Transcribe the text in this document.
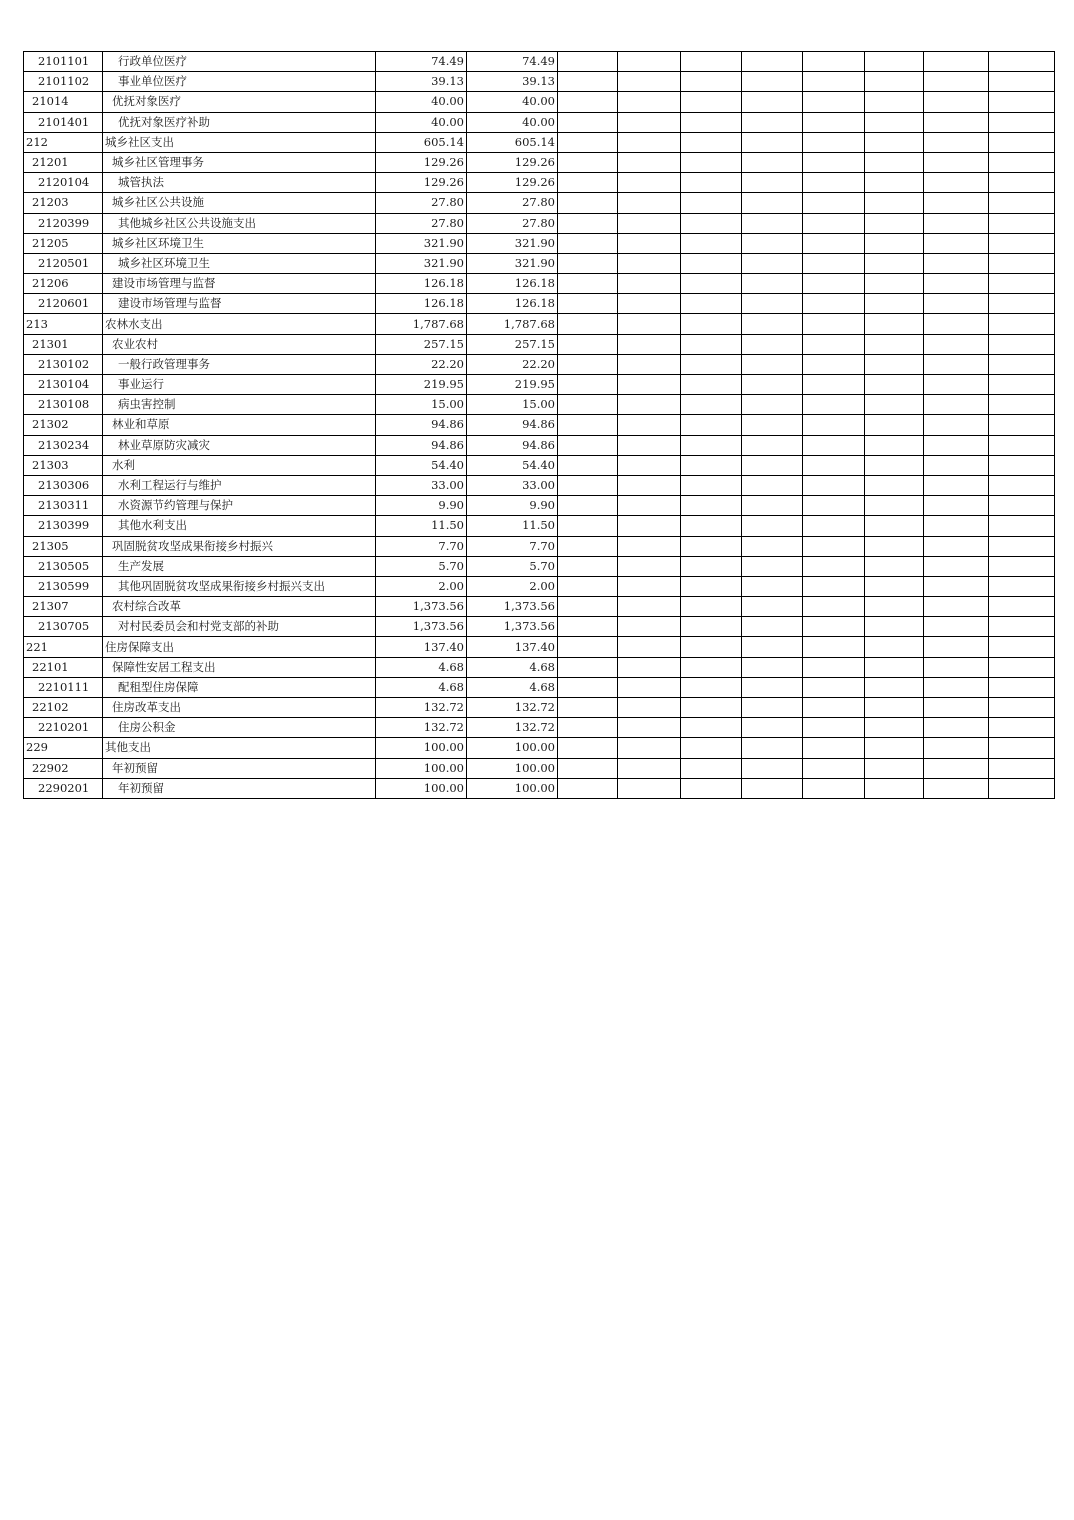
2101101	行政单位医疗	74.49	74.49								
2101102	事业单位医疗	39.13	39.13								
21014	优抚对象医疗	40.00	40.00								
2101401	优抚对象医疗补助	40.00	40.00								
212	城乡社区支出	605.14	605.14								
21201	城乡社区管理事务	129.26	129.26								
2120104	城管执法	129.26	129.26								
21203	城乡社区公共设施	27.80	27.80								
2120399	其他城乡社区公共设施支出	27.80	27.80								
21205	城乡社区环境卫生	321.90	321.90								
2120501	城乡社区环境卫生	321.90	321.90								
21206	建设市场管理与监督	126.18	126.18								
2120601	建设市场管理与监督	126.18	126.18								
213	农林水支出	1,787.68	1,787.68								
21301	农业农村	257.15	257.15								
2130102	一般行政管理事务	22.20	22.20								
2130104	事业运行	219.95	219.95								
2130108	病虫害控制	15.00	15.00								
21302	林业和草原	94.86	94.86								
2130234	林业草原防灾减灾	94.86	94.86								
21303	水利	54.40	54.40								
2130306	水利工程运行与维护	33.00	33.00								
2130311	水资源节约管理与保护	9.90	9.90								
2130399	其他水利支出	11.50	11.50								
21305	巩固脱贫攻坚成果衔接乡村振兴	7.70	7.70								
2130505	生产发展	5.70	5.70								
2130599	其他巩固脱贫攻坚成果衔接乡村振兴支出	2.00	2.00								
21307	农村综合改革	1,373.56	1,373.56								
2130705	对村民委员会和村党支部的补助	1,373.56	1,373.56								
221	住房保障支出	137.40	137.40								
22101	保障性安居工程支出	4.68	4.68								
2210111	配租型住房保障	4.68	4.68								
22102	住房改革支出	132.72	132.72								
2210201	住房公积金	132.72	132.72								
229	其他支出	100.00	100.00								
22902	年初预留	100.00	100.00								
2290201	年初预留	100.00	100.00								
